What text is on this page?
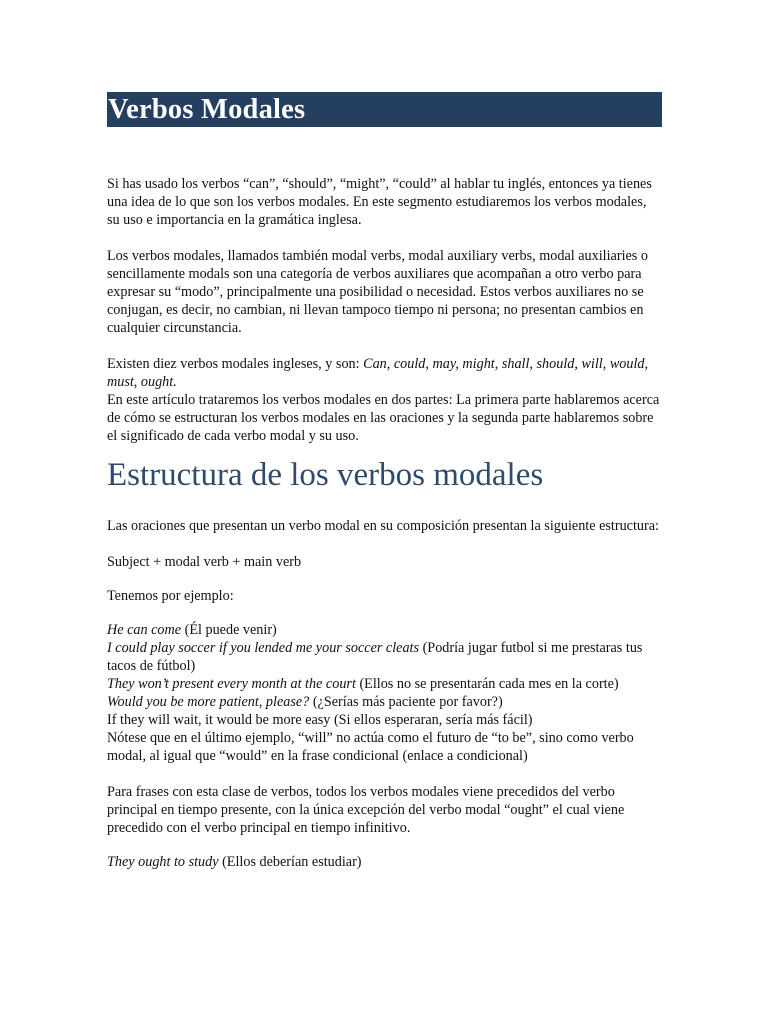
Verbos Modales

Si has usado los verbos “can”, “should”, “might”, “could” al hablar tu inglés, entonces ya tienes una idea de lo que son los verbos modales. En este segmento estudiaremos los verbos modales, su uso e importancia en la gramática inglesa.

Los verbos modales, llamados también modal verbs, modal auxiliary verbs, modal auxiliaries o sencillamente modals son una categoría de verbos auxiliares que acompañan a otro verbo para expresar su “modo”, principalmente una posibilidad o necesidad. Estos verbos auxiliares no se conjugan, es decir, no cambian, ni llevan tampoco tiempo ni persona; no presentan cambios en cualquier circunstancia.

Existen diez verbos modales ingleses, y son: Can, could, may, might, shall, should, will, would, must, ought.

En este artículo trataremos los verbos modales en dos partes: La primera parte hablaremos acerca de cómo se estructuran los verbos modales en las oraciones y la segunda parte hablaremos sobre el significado de cada verbo modal y su uso.

Estructura de los verbos modales

Las oraciones que presentan un verbo modal en su composición presentan la siguiente estructura:

Subject + modal verb + main verb

Tenemos por ejemplo:

He can come (Él puede venir)

I could play soccer if you lended me your soccer cleats (Podría jugar futbol si me prestaras tus tacos de fútbol)

They won’t present every month at the court (Ellos no se presentarán cada mes en la corte)

Would you be more patient, please? (¿Serías más paciente por favor?)

If they will wait, it would be more easy (Si ellos esperaran, sería más fácil)

Nótese que en el último ejemplo, “will” no actúa como el futuro de “to be”, sino como verbo modal, al igual que “would” en la frase condicional (enlace a condicional)

Para frases con esta clase de verbos, todos los verbos modales viene precedidos del verbo principal en tiempo presente, con la única excepción del verbo modal “ought” el cual viene precedido con el verbo principal en tiempo infinitivo.

They ought to study (Ellos deberían estudiar)
